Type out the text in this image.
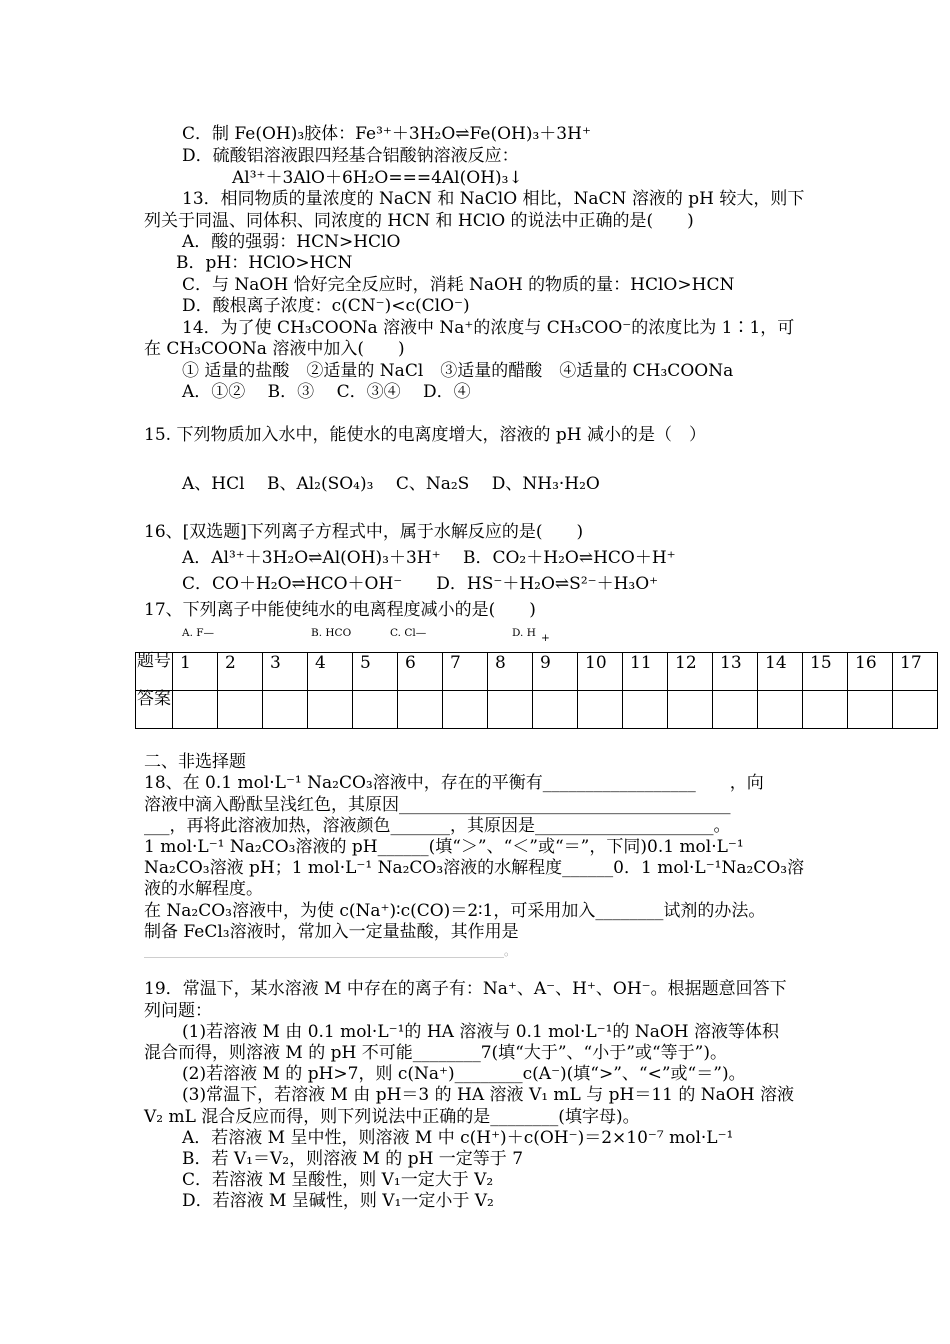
C．制 Fe(OH)₃胶体：Fe³⁺＋3H₂O⇌Fe(OH)₃＋3H⁺
D．硫酸铝溶液跟四羟基合铝酸钠溶液反应：
Al³⁺＋3AlO＋6H₂O===4Al(OH)₃↓
13．相同物质的量浓度的 NaCN 和 NaClO 相比，NaCN 溶液的 pH 较大，则下
列关于同温、同体积、同浓度的 HCN 和 HClO 的说法中正确的是(　　)
A．酸的强弱：HCN>HClO
B．pH：HClO>HCN
C．与 NaOH 恰好完全反应时，消耗 NaOH 的物质的量：HClO>HCN
D．酸根离子浓度：c(CN⁻)<c(ClO⁻)
14．为了使 CH₃COONa 溶液中 Na⁺的浓度与 CH₃COO⁻的浓度比为 1∶1，可
在 CH₃COONa 溶液中加入(　　)
① 适量的盐酸　②适量的 NaCl　③适量的醋酸　④适量的 CH₃COONa
A．①②　 B．③　 C．③④　 D．④
15. 下列物质加入水中，能使水的电离度增大，溶液的 pH 减小的是（　）
A、HCl　 B、Al₂(SO₄)₃　 C、Na₂S　 D、NH₃·H₂O
16、[双选题]下列离子方程式中，属于水解反应的是(　　)
A．Al³⁺＋3H₂O⇌Al(OH)₃＋3H⁺　 B．CO₂＋H₂O⇌HCO＋H⁺
C．CO＋H₂O⇌HCO＋OH⁻　　D．HS⁻＋H₂O⇌S²⁻＋H₃O⁺
17、下列离子中能使纯水的电离程度减小的是(　　)
A. F—	B. HCO	C. Cl—	D. H +
题号	1	2	3	4	5	6	7	8	9	10	11	12	13	14	15	16	17
答案																	
二、非选择题
18、在 0.1 mol·L⁻¹ Na₂CO₃溶液中，存在的平衡有__________________　　，向
溶液中滴入酚酞呈浅红色，其原因_______________________________________
___，再将此溶液加热，溶液颜色_______，其原因是_____________________。
1 mol·L⁻¹ Na₂CO₃溶液的 pH______(填“＞”、“＜”或“＝”，下同)0.1 mol·L⁻¹
Na₂CO₃溶液 pH；1 mol·L⁻¹ Na₂CO₃溶液的水解程度______0．1 mol·L⁻¹Na₂CO₃溶
液的水解程度。
在 Na₂CO₃溶液中，为使 c(Na⁺)∶c(CO)＝2∶1，可采用加入________试剂的办法。
制备 FeCl₃溶液时，常加入一定量盐酸，其作用是
____________________________________________________________。
19．常温下，某水溶液 M 中存在的离子有：Na⁺、A⁻、H⁺、OH⁻。根据题意回答下
列问题：
(1)若溶液 M 由 0.1 mol·L⁻¹的 HA 溶液与 0.1 mol·L⁻¹的 NaOH 溶液等体积
混合而得，则溶液 M 的 pH 不可能________7(填“大于”、“小于”或“等于”)。
(2)若溶液 M 的 pH>7，则 c(Na⁺)________c(A⁻)(填“>”、“<”或“＝”)。
(3)常温下，若溶液 M 由 pH＝3 的 HA 溶液 V₁ mL 与 pH＝11 的 NaOH 溶液
V₂ mL 混合反应而得，则下列说法中正确的是________(填字母)。
A．若溶液 M 呈中性，则溶液 M 中 c(H⁺)＋c(OH⁻)＝2×10⁻⁷ mol·L⁻¹
B．若 V₁＝V₂，则溶液 M 的 pH 一定等于 7
C．若溶液 M 呈酸性，则 V₁一定大于 V₂
D．若溶液 M 呈碱性，则 V₁一定小于 V₂
